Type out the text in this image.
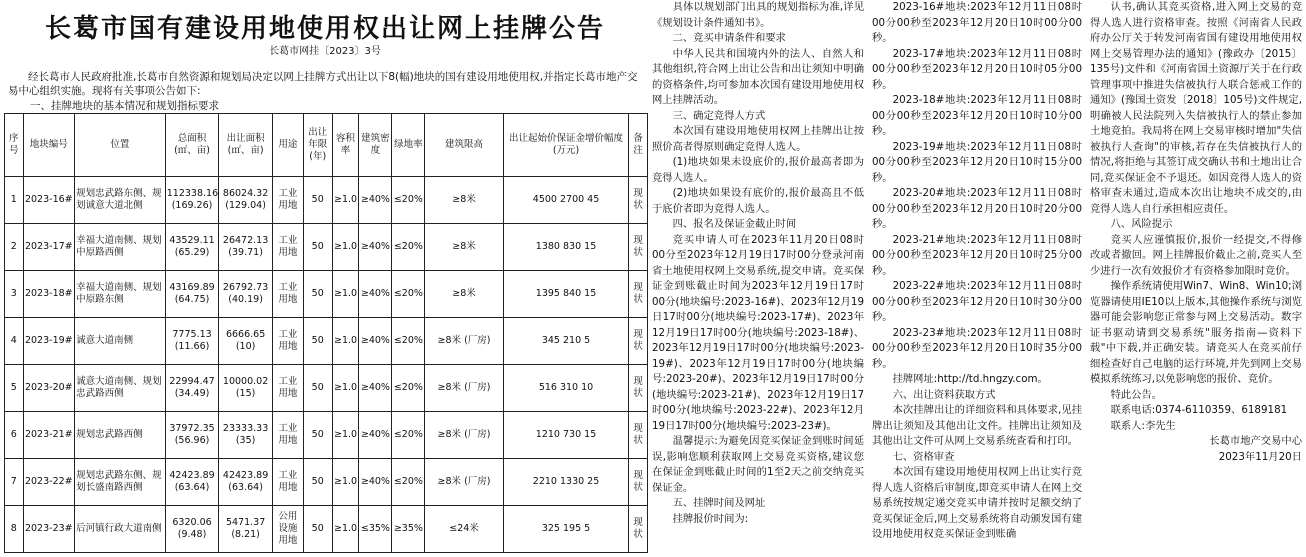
长葛市国有建设用地使用权出让网上挂牌公告
长葛市网挂〔2023〕3号
经长葛市人民政府批准,长葛市自然资源和规划局决定以网上挂牌方式出让以下8(幅)地块的国有建设用地使用权,并指定长葛市地产交易中心组织实施。现将有关事项公告如下:
一、挂牌地块的基本情况和规划指标要求
序号	地块编号	位置	总面积(㎡、亩)	出让面积(㎡、亩)	用途	出让年限(年)	容积率	建筑密度	绿地率	建筑限高	出让起始价保证金增价幅度(万元)	备注
1	2023-16#	规划忠武路东侧、规划诚意大道北侧	112338.16 (169.26)	86024.32 (129.04)	工业用地	50	≥1.0	≥40%	≤20%	≥8米	4500 2700 45	现状
2	2023-17#	幸福大道南侧、规划中原路西侧	43529.11 (65.29)	26472.13 (39.71)	工业用地	50	≥1.0	≥40%	≤20%	≥8米	1380 830 15	现状
3	2023-18#	幸福大道南侧、规划中原路东侧	43169.89 (64.75)	26792.73 (40.19)	工业用地	50	≥1.0	≥40%	≤20%	≥8米	1395 840 15	现状
4	2023-19#	诚意大道南侧	7775.13 (11.66)	6666.65 (10)	工业用地	50	≥1.0	≥40%	≤20%	≥8米 (厂房)	345 210 5	现状
5	2023-20#	诚意大道南侧、规划忠武路西侧	22994.47 (34.49)	10000.02 (15)	工业用地	50	≥1.0	≥40%	≤20%	≥8米 (厂房)	516 310 10	现状
6	2023-21#	规划忠武路西侧	37972.35 (56.96)	23333.33 (35)	工业用地	50	≥1.0	≥40%	≤20%	≥8米 (厂房)	1210 730 15	现状
7	2023-22#	规划忠武路东侧、规划长盛南路西侧	42423.89 (63.64)	42423.89 (63.64)	工业用地	50	≥1.0	≥40%	≤20%	≥8米 (厂房)	2210 1330 25	现状
8	2023-23#	后河镇行政大道南侧	6320.06 (9.48)	5471.37 (8.21)	公用设施用地	50	≥1.0	≤35%	≥35%	≤24米	325 195 5	现状

具体以规划部门出具的规划指标为准,详见《规划设计条件通知书》。

二、竞买申请条件和要求

中华人民共和国境内外的法人、自然人和其他组织,符合网上出让公告和出让须知中明确的资格条件,均可参加本次国有建设用地使用权网上挂牌活动。

三、确定竞得人方式

本次国有建设用地使用权网上挂牌出让按照价高者得原则确定竞得人选人。

(1)地块如果未设底价的,报价最高者即为竞得人选人。

(2)地块如果设有底价的,报价最高且不低于底价者即为竞得人选人。

四、报名及保证金截止时间

竞买申请人可在2023年11月20日08时00分至2023年12月19日17时00分登录河南省土地使用权网上交易系统,提交申请。竞买保证金到账截止时间为2023年12月19日17时00分(地块编号:2023-16#)、2023年12月19日17时00分(地块编号:2023-17#)、2023年12月19日17时00分(地块编号:2023-18#)、2023年12月19日17时00分(地块编号:2023-19#)、2023年12月19日17时00分(地块编号:2023-20#)、2023年12月19日17时00分(地块编号:2023-21#)、2023年12月19日17时00分(地块编号:2023-22#)、2023年12月19日17时00分(地块编号:2023-23#)。

温馨提示:为避免因竞买保证金到账时间延误,影响您顺利获取网上交易竞买资格,建议您在保证金到账截止时间的1至2天之前交纳竞买保证金。

五、挂牌时间及网址

挂牌报价时间为:

2023-16#地块:2023年12月11日08时00分00秒至2023年12月20日10时00分00秒。

2023-17#地块:2023年12月11日08时00分00秒至2023年12月20日10时05分00秒。

2023-18#地块:2023年12月11日08时00分00秒至2023年12月20日10时10分00秒。

2023-19#地块:2023年12月11日08时00分00秒至2023年12月20日10时15分00秒。

2023-20#地块:2023年12月11日08时00分00秒至2023年12月20日10时20分00秒。

2023-21#地块:2023年12月11日08时00分00秒至2023年12月20日10时25分00秒。

2023-22#地块:2023年12月11日08时00分00秒至2023年12月20日10时30分00秒。

2023-23#地块:2023年12月11日08时00分00秒至2023年12月20日10时35分00秒。

挂牌网址:http://td.hngzy.com。

六、出让资料获取方式

本次挂牌出让的详细资料和具体要求,见挂牌出让须知及其他出让文件。挂牌出让须知及其他出让文件可从网上交易系统查看和打印。

七、资格审查

本次国有建设用地使用权网上出让实行竞得人选人资格后审制度,即竞买申请人在网上交易系统按规定递交竞买申请并按时足额交纳了竞买保证金后,网上交易系统将自动颁发国有建设用地使用权竞买保证金到账确

认书,确认其竞买资格,进入网上交易的竞得人选人进行资格审查。按照《河南省人民政府办公厅关于转发河南省国有建设用地使用权网上交易管理办法的通知》(豫政办〔2015〕135号)文件和《河南省国土资源厅关于在行政管理事项中推进失信被执行人联合惩戒工作的通知》(豫国土资发〔2018〕105号)文件规定,明确被人民法院列入失信被执行人的禁止参加土地竞拍。我局将在网上交易审核时增加"失信被执行人查询"的审核,若存在失信被执行人的情况,将拒绝与其签订成交确认书和土地出让合同,竞买保证金不予退还。如因竞得人选人的资格审查未通过,造成本次出让地块不成交的,由竞得人选人自行承担相应责任。

八、风险提示

竞买人应谨慎报价,报价一经提交,不得修改或者撤回。网上挂牌报价截止之前,竞买人至少进行一次有效报价才有资格参加限时竞价。

操作系统请使用Win7、Win8、Win10;浏览器请使用IE10以上版本,其他操作系统与浏览器可能会影响您正常参与网上交易活动。数字证书驱动请到交易系统"服务指南—资料下载"中下载,并正确安装。请竞买人在竞买前仔细检查好自己电脑的运行环境,并先到网上交易模拟系统练习,以免影响您的报价、竞价。

特此公告。

联系电话:0374-6110359、6189181

联系人:李先生

长葛市地产交易中心

2023年11月20日
